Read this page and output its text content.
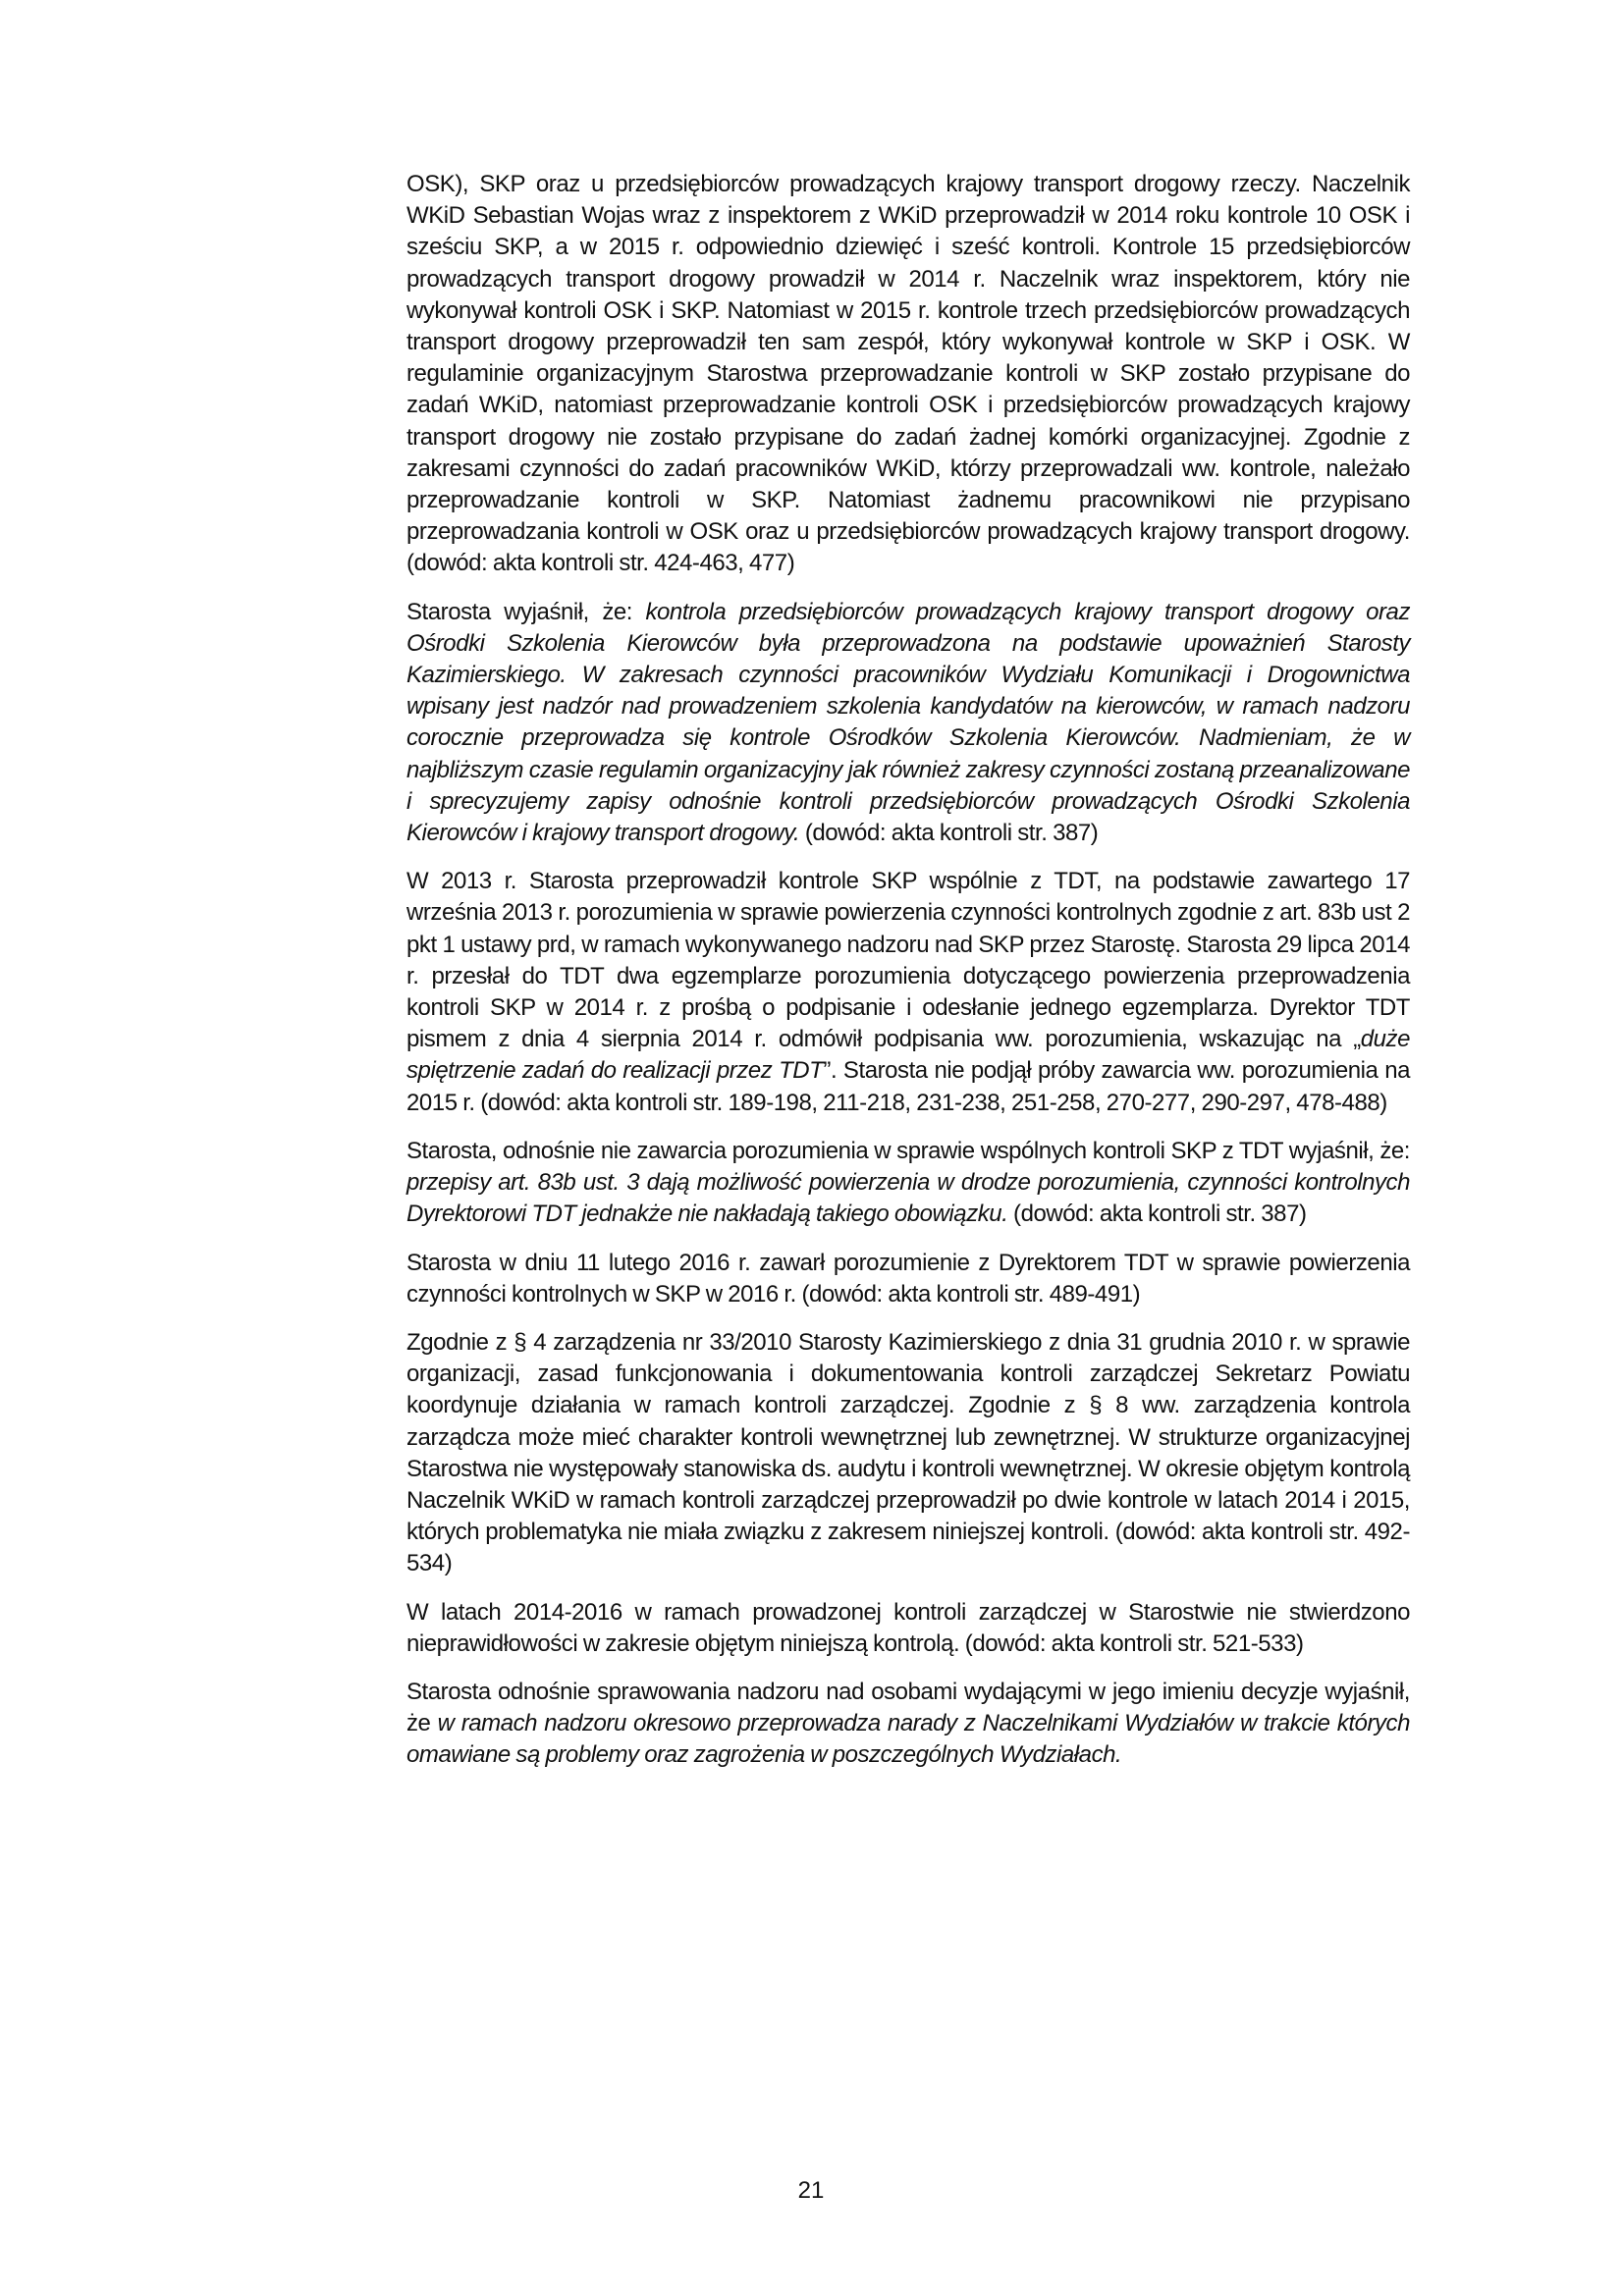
OSK), SKP oraz u przedsiębiorców prowadzących krajowy transport drogowy rzeczy. Naczelnik WKiD Sebastian Wojas wraz z inspektorem z WKiD przeprowadził w 2014 roku kontrole 10 OSK i sześciu SKP, a w 2015 r. odpowiednio dziewięć i sześć kontroli. Kontrole 15 przedsiębiorców prowadzących transport drogowy prowadził w 2014 r. Naczelnik wraz inspektorem, który nie wykonywał kontroli OSK i SKP. Natomiast w 2015 r. kontrole trzech przedsiębiorców prowadzących transport drogowy przeprowadził ten sam zespół, który wykonywał kontrole w SKP i OSK. W regulaminie organizacyjnym Starostwa przeprowadzanie kontroli w SKP zostało przypisane do zadań WKiD, natomiast przeprowadzanie kontroli OSK i przedsiębiorców prowadzących krajowy transport drogowy nie zostało przypisane do zadań żadnej komórki organizacyjnej. Zgodnie z zakresami czynności do zadań pracowników WKiD, którzy przeprowadzali ww. kontrole, należało przeprowadzanie kontroli w SKP. Natomiast żadnemu pracownikowi nie przypisano przeprowadzania kontroli w OSK oraz u przedsiębiorców prowadzących krajowy transport drogowy. (dowód: akta kontroli str. 424-463, 477)

Starosta wyjaśnił, że: kontrola przedsiębiorców prowadzących krajowy transport drogowy oraz Ośrodki Szkolenia Kierowców była przeprowadzona na podstawie upoważnień Starosty Kazimierskiego. W zakresach czynności pracowników Wydziału Komunikacji i Drogownictwa wpisany jest nadzór nad prowadzeniem szkolenia kandydatów na kierowców, w ramach nadzoru corocznie przeprowadza się kontrole Ośrodków Szkolenia Kierowców. Nadmieniam, że w najbliższym czasie regulamin organizacyjny jak również zakresy czynności zostaną przeanalizowane i sprecyzujemy zapisy odnośnie kontroli przedsiębiorców prowadzących Ośrodki Szkolenia Kierowców i krajowy transport drogowy. (dowód: akta kontroli str. 387)

W 2013 r. Starosta przeprowadził kontrole SKP wspólnie z TDT, na podstawie zawartego 17 września 2013 r. porozumienia w sprawie powierzenia czynności kontrolnych zgodnie z art. 83b ust 2 pkt 1 ustawy prd, w ramach wykonywanego nadzoru nad SKP przez Starostę. Starosta 29 lipca 2014 r. przesłał do TDT dwa egzemplarze porozumienia dotyczącego powierzenia przeprowadzenia kontroli SKP w 2014 r. z prośbą o podpisanie i odesłanie jednego egzemplarza. Dyrektor TDT pismem z dnia 4 sierpnia 2014 r. odmówił podpisania ww. porozumienia, wskazując na „duże spiętrzenie zadań do realizacji przez TDT”. Starosta nie podjął próby zawarcia ww. porozumienia na 2015 r. (dowód: akta kontroli str. 189-198, 211-218, 231-238, 251-258, 270-277, 290-297, 478-488)

Starosta, odnośnie nie zawarcia porozumienia w sprawie wspólnych kontroli SKP z TDT wyjaśnił, że: przepisy art. 83b ust. 3 dają możliwość powierzenia w drodze porozumienia, czynności kontrolnych Dyrektorowi TDT jednakże nie nakładają takiego obowiązku. (dowód: akta kontroli str. 387)

Starosta w dniu 11 lutego 2016 r. zawarł porozumienie z Dyrektorem TDT w sprawie powierzenia czynności kontrolnych w SKP w 2016 r. (dowód: akta kontroli str. 489-491)

Zgodnie z § 4 zarządzenia nr 33/2010 Starosty Kazimierskiego z dnia 31 grudnia 2010 r. w sprawie organizacji, zasad funkcjonowania i dokumentowania kontroli zarządczej Sekretarz Powiatu koordynuje działania w ramach kontroli zarządczej. Zgodnie z § 8 ww. zarządzenia kontrola zarządcza może mieć charakter kontroli wewnętrznej lub zewnętrznej. W strukturze organizacyjnej Starostwa nie występowały stanowiska ds. audytu i kontroli wewnętrznej. W okresie objętym kontrolą Naczelnik WKiD w ramach kontroli zarządczej przeprowadził po dwie kontrole w latach 2014 i 2015, których problematyka nie miała związku z zakresem niniejszej kontroli. (dowód: akta kontroli str. 492-534)

W latach 2014-2016 w ramach prowadzonej kontroli zarządczej w Starostwie nie stwierdzono nieprawidłowości w zakresie objętym niniejszą kontrolą. (dowód: akta kontroli str. 521-533)

Starosta odnośnie sprawowania nadzoru nad osobami wydającymi w jego imieniu decyzje wyjaśnił, że w ramach nadzoru okresowo przeprowadza narady z Naczelnikami Wydziałów w trakcie których omawiane są problemy oraz zagrożenia w poszczególnych Wydziałach.

21
